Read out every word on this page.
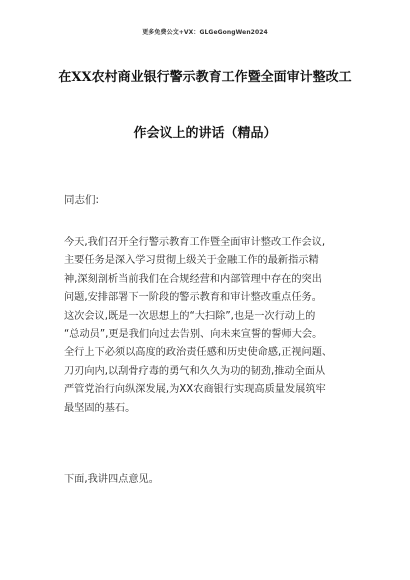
更多免费公文+VX：GLGeGongWen2024
在XX农村商业银行警示教育工作暨全面审计整改工
作会议上的讲话（精品）
同志们:
今天,我们召开全行警示教育工作暨全面审计整改工作会议,
主要任务是深入学习贯彻上级关于金融工作的最新指示精
神,深刻剖析当前我们在合规经营和内部管理中存在的突出
问题,安排部署下一阶段的警示教育和审计整改重点任务。
这次会议,既是一次思想上的“大扫除”,也是一次行动上的
“总动员”,更是我们向过去告别、向未来宣誓的誓师大会。
全行上下必须以高度的政治责任感和历史使命感,正视问题、
刀刃向内,以刮骨疗毒的勇气和久久为功的韧劲,推动全面从
严管党治行向纵深发展,为XX农商银行实现高质量发展筑牢
最坚固的基石。
下面,我讲四点意见。
